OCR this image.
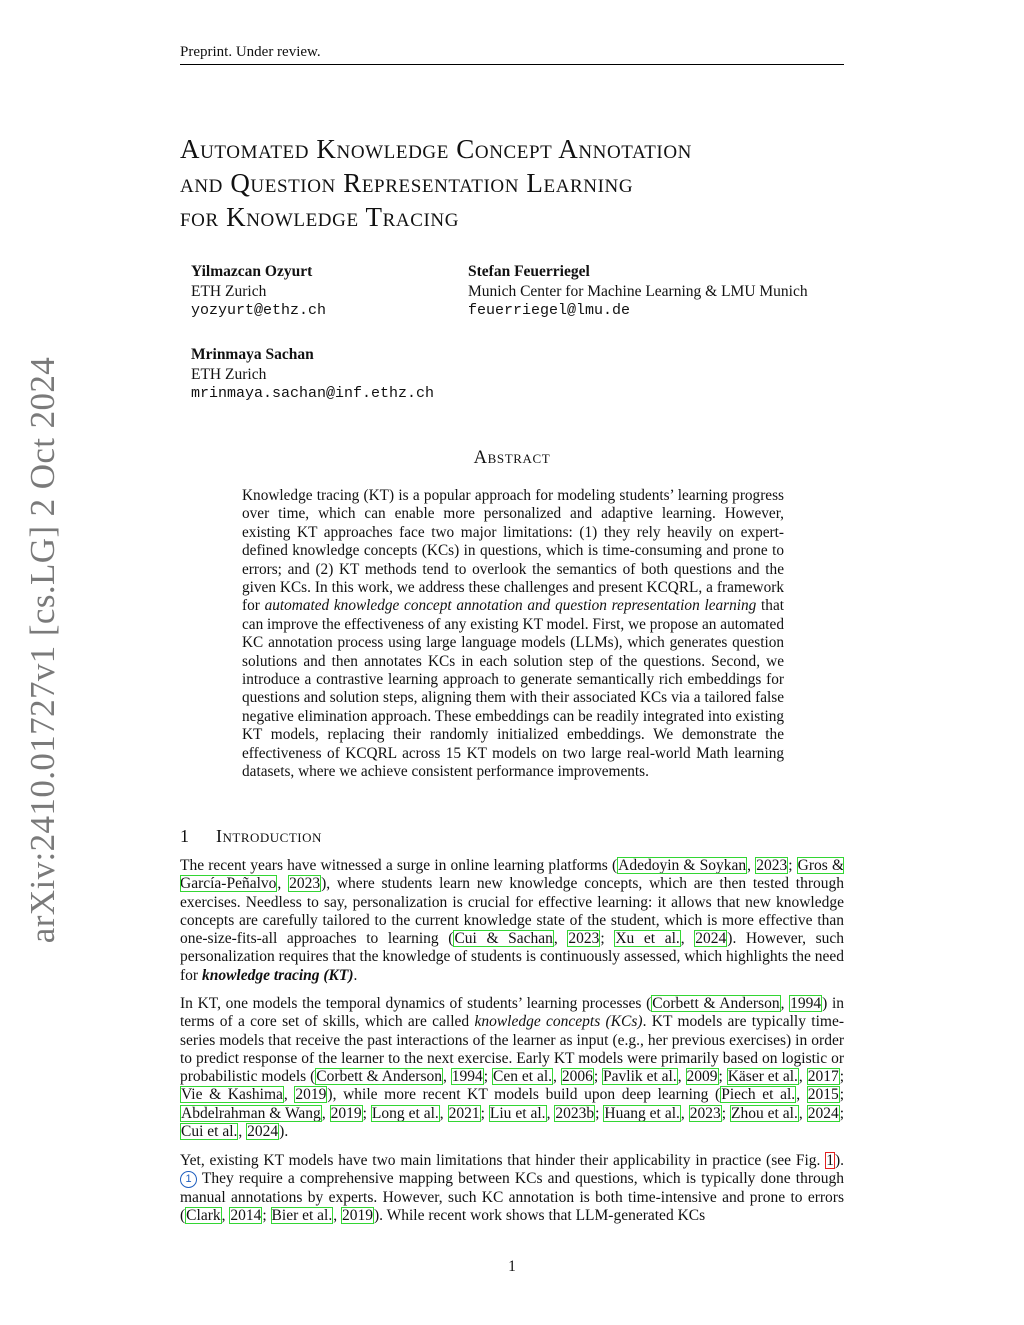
Preprint. Under review.
arXiv:2410.01727v1 [cs.LG] 2 Oct 2024
Automated Knowledge Concept Annotation
and Question Representation Learning
for Knowledge Tracing
Yilmazcan Ozyurt
ETH Zurich
yozyurt@ethz.ch
Stefan Feuerriegel
Munich Center for Machine Learning & LMU Munich
feuerriegel@lmu.de
Mrinmaya Sachan
ETH Zurich
mrinmaya.sachan@inf.ethz.ch
Abstract

Knowledge tracing (KT) is a popular approach for modeling students’ learning progress over time, which can enable more personalized and adaptive learning. However, existing KT approaches face two major limitations: (1) they rely heavily on expert-defined knowledge concepts (KCs) in questions, which is time-consuming and prone to errors; and (2) KT methods tend to overlook the semantics of both questions and the given KCs. In this work, we address these challenges and present KCQRL, a framework for automated knowledge concept annotation and question representation learning that can improve the effectiveness of any existing KT model. First, we propose an automated KC annotation process using large language models (LLMs), which generates question solutions and then annotates KCs in each solution step of the questions. Second, we introduce a contrastive learning approach to generate semantically rich embeddings for questions and solution steps, aligning them with their associated KCs via a tailored false negative elimination approach. These embeddings can be readily integrated into existing KT models, replacing their randomly initialized embeddings. We demonstrate the effectiveness of KCQRL across 15 KT models on two large real-world Math learning datasets, where we achieve consistent performance improvements.

1 Introduction

The recent years have witnessed a surge in online learning platforms (Adedoyin & Soykan, 2023; Gros & García-Peñalvo, 2023), where students learn new knowledge concepts, which are then tested through exercises. Needless to say, personalization is crucial for effective learning: it allows that new knowledge concepts are carefully tailored to the current knowledge state of the student, which is more effective than one-size-fits-all approaches to learning (Cui & Sachan, 2023; Xu et al., 2024). However, such personalization requires that the knowledge of students is continuously assessed, which highlights the need for knowledge tracing (KT).

In KT, one models the temporal dynamics of students’ learning processes (Corbett & Anderson, 1994) in terms of a core set of skills, which are called knowledge concepts (KCs). KT models are typically time-series models that receive the past interactions of the learner as input (e.g., her previous exercises) in order to predict response of the learner to the next exercise. Early KT models were primarily based on logistic or probabilistic models (Corbett & Anderson, 1994; Cen et al., 2006; Pavlik et al., 2009; Käser et al., 2017; Vie & Kashima, 2019), while more recent KT models build upon deep learning (Piech et al., 2015; Abdelrahman & Wang, 2019; Long et al., 2021; Liu et al., 2023b; Huang et al., 2023; Zhou et al., 2024; Cui et al., 2024).

Yet, existing KT models have two main limitations that hinder their applicability in practice (see Fig. 1). 1 They require a comprehensive mapping between KCs and questions, which is typically done through manual annotations by experts. However, such KC annotation is both time-intensive and prone to errors (Clark, 2014; Bier et al., 2019). While recent work shows that LLM-generated KCs

1
